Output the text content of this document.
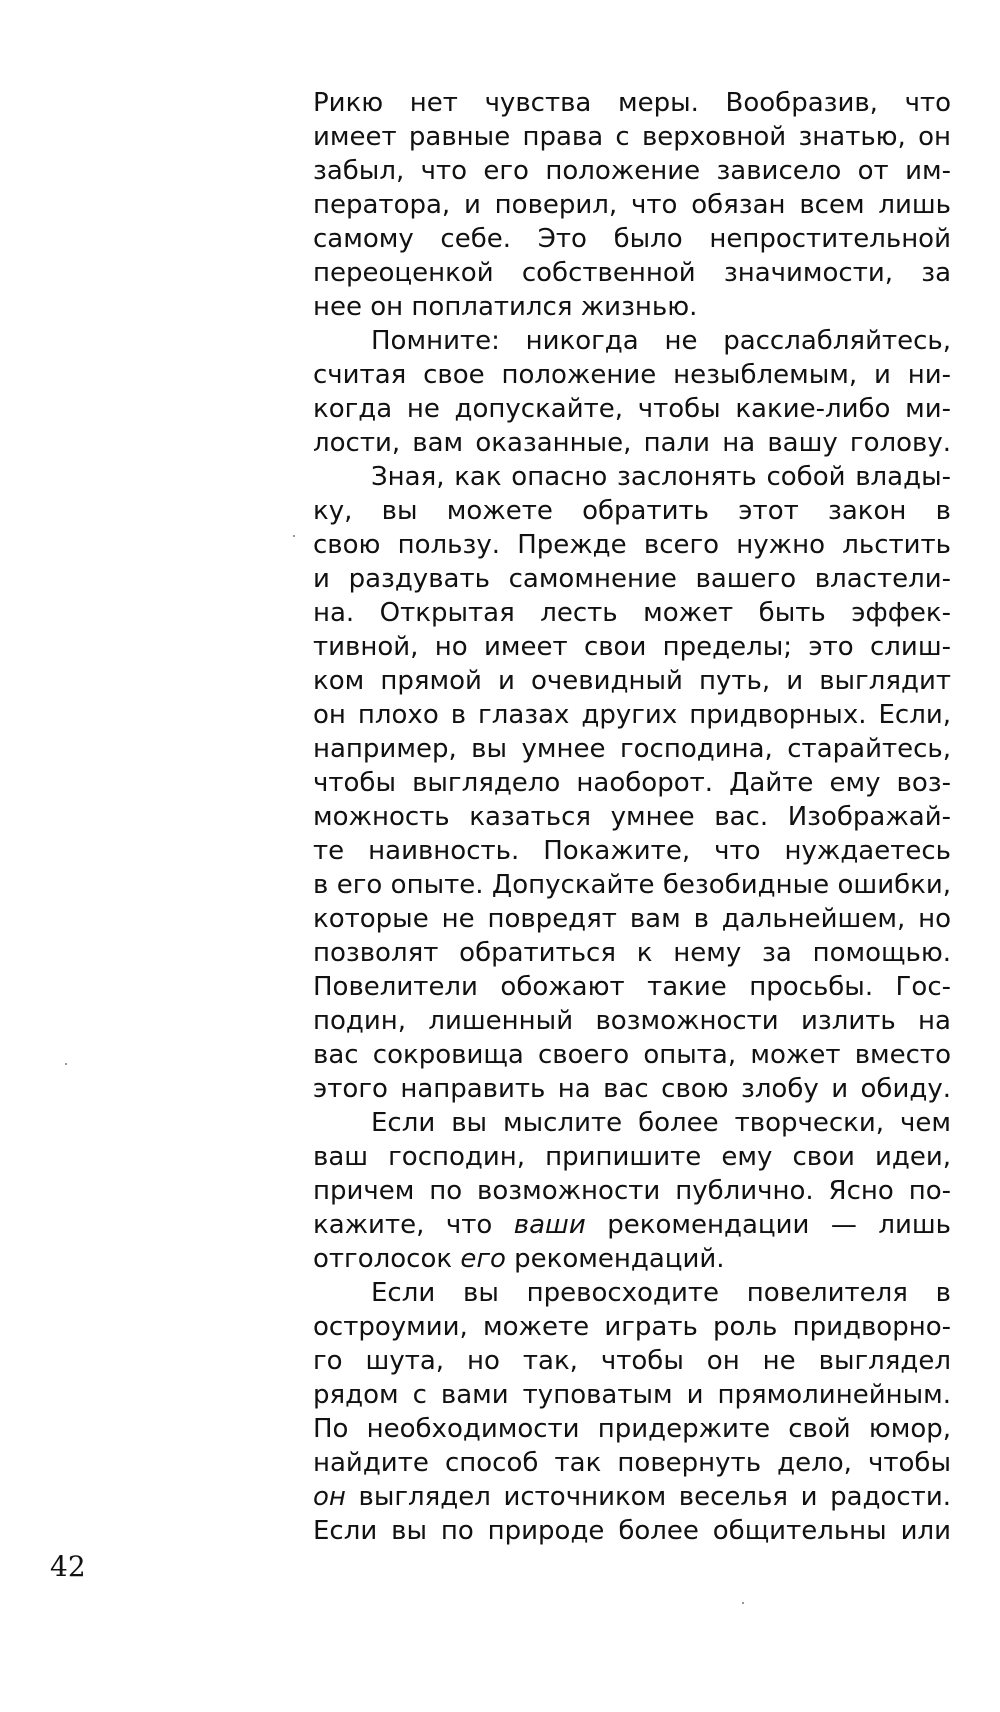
Рикю нет чувства меры. Вообразив, что
имеет равные права с верховной знатью, он
забыл, что его положение зависело от им-
ператора, и поверил, что обязан всем лишь
самому себе. Это было непростительной
переоценкой собственной значимости, за
нее он поплатился жизнью.
Помните: никогда не расслабляйтесь,
считая свое положение незыблемым, и ни-
когда не допускайте, чтобы какие-либо ми-
лости, вам оказанные, пали на вашу голову.
Зная, как опасно заслонять собой влады-
ку, вы можете обратить этот закон в
свою пользу. Прежде всего нужно льстить
и раздувать самомнение вашего властели-
на. Открытая лесть может быть эффек-
тивной, но имеет свои пределы; это слиш-
ком прямой и очевидный путь, и выглядит
он плохо в глазах других придворных. Если,
например, вы умнее господина, старайтесь,
чтобы выглядело наоборот. Дайте ему воз-
можность казаться умнее вас. Изображай-
те наивность. Покажите, что нуждаетесь
в его опыте. Допускайте безобидные ошибки,
которые не повредят вам в дальнейшем, но
позволят обратиться к нему за помощью.
Повелители обожают такие просьбы. Гос-
подин, лишенный возможности излить на
вас сокровища своего опыта, может вместо
этого направить на вас свою злобу и обиду.
Если вы мыслите более творчески, чем
ваш господин, припишите ему свои идеи,
причем по возможности публично. Ясно по-
кажите, что ваши рекомендации — лишь
отголосок его рекомендаций.
Если вы превосходите повелителя в
остроумии, можете играть роль придворно-
го шута, но так, чтобы он не выглядел
рядом с вами туповатым и прямолинейным.
По необходимости придержите свой юмор,
найдите способ так повернуть дело, чтобы
он выглядел источником веселья и радости.
Если вы по природе более общительны или
42
